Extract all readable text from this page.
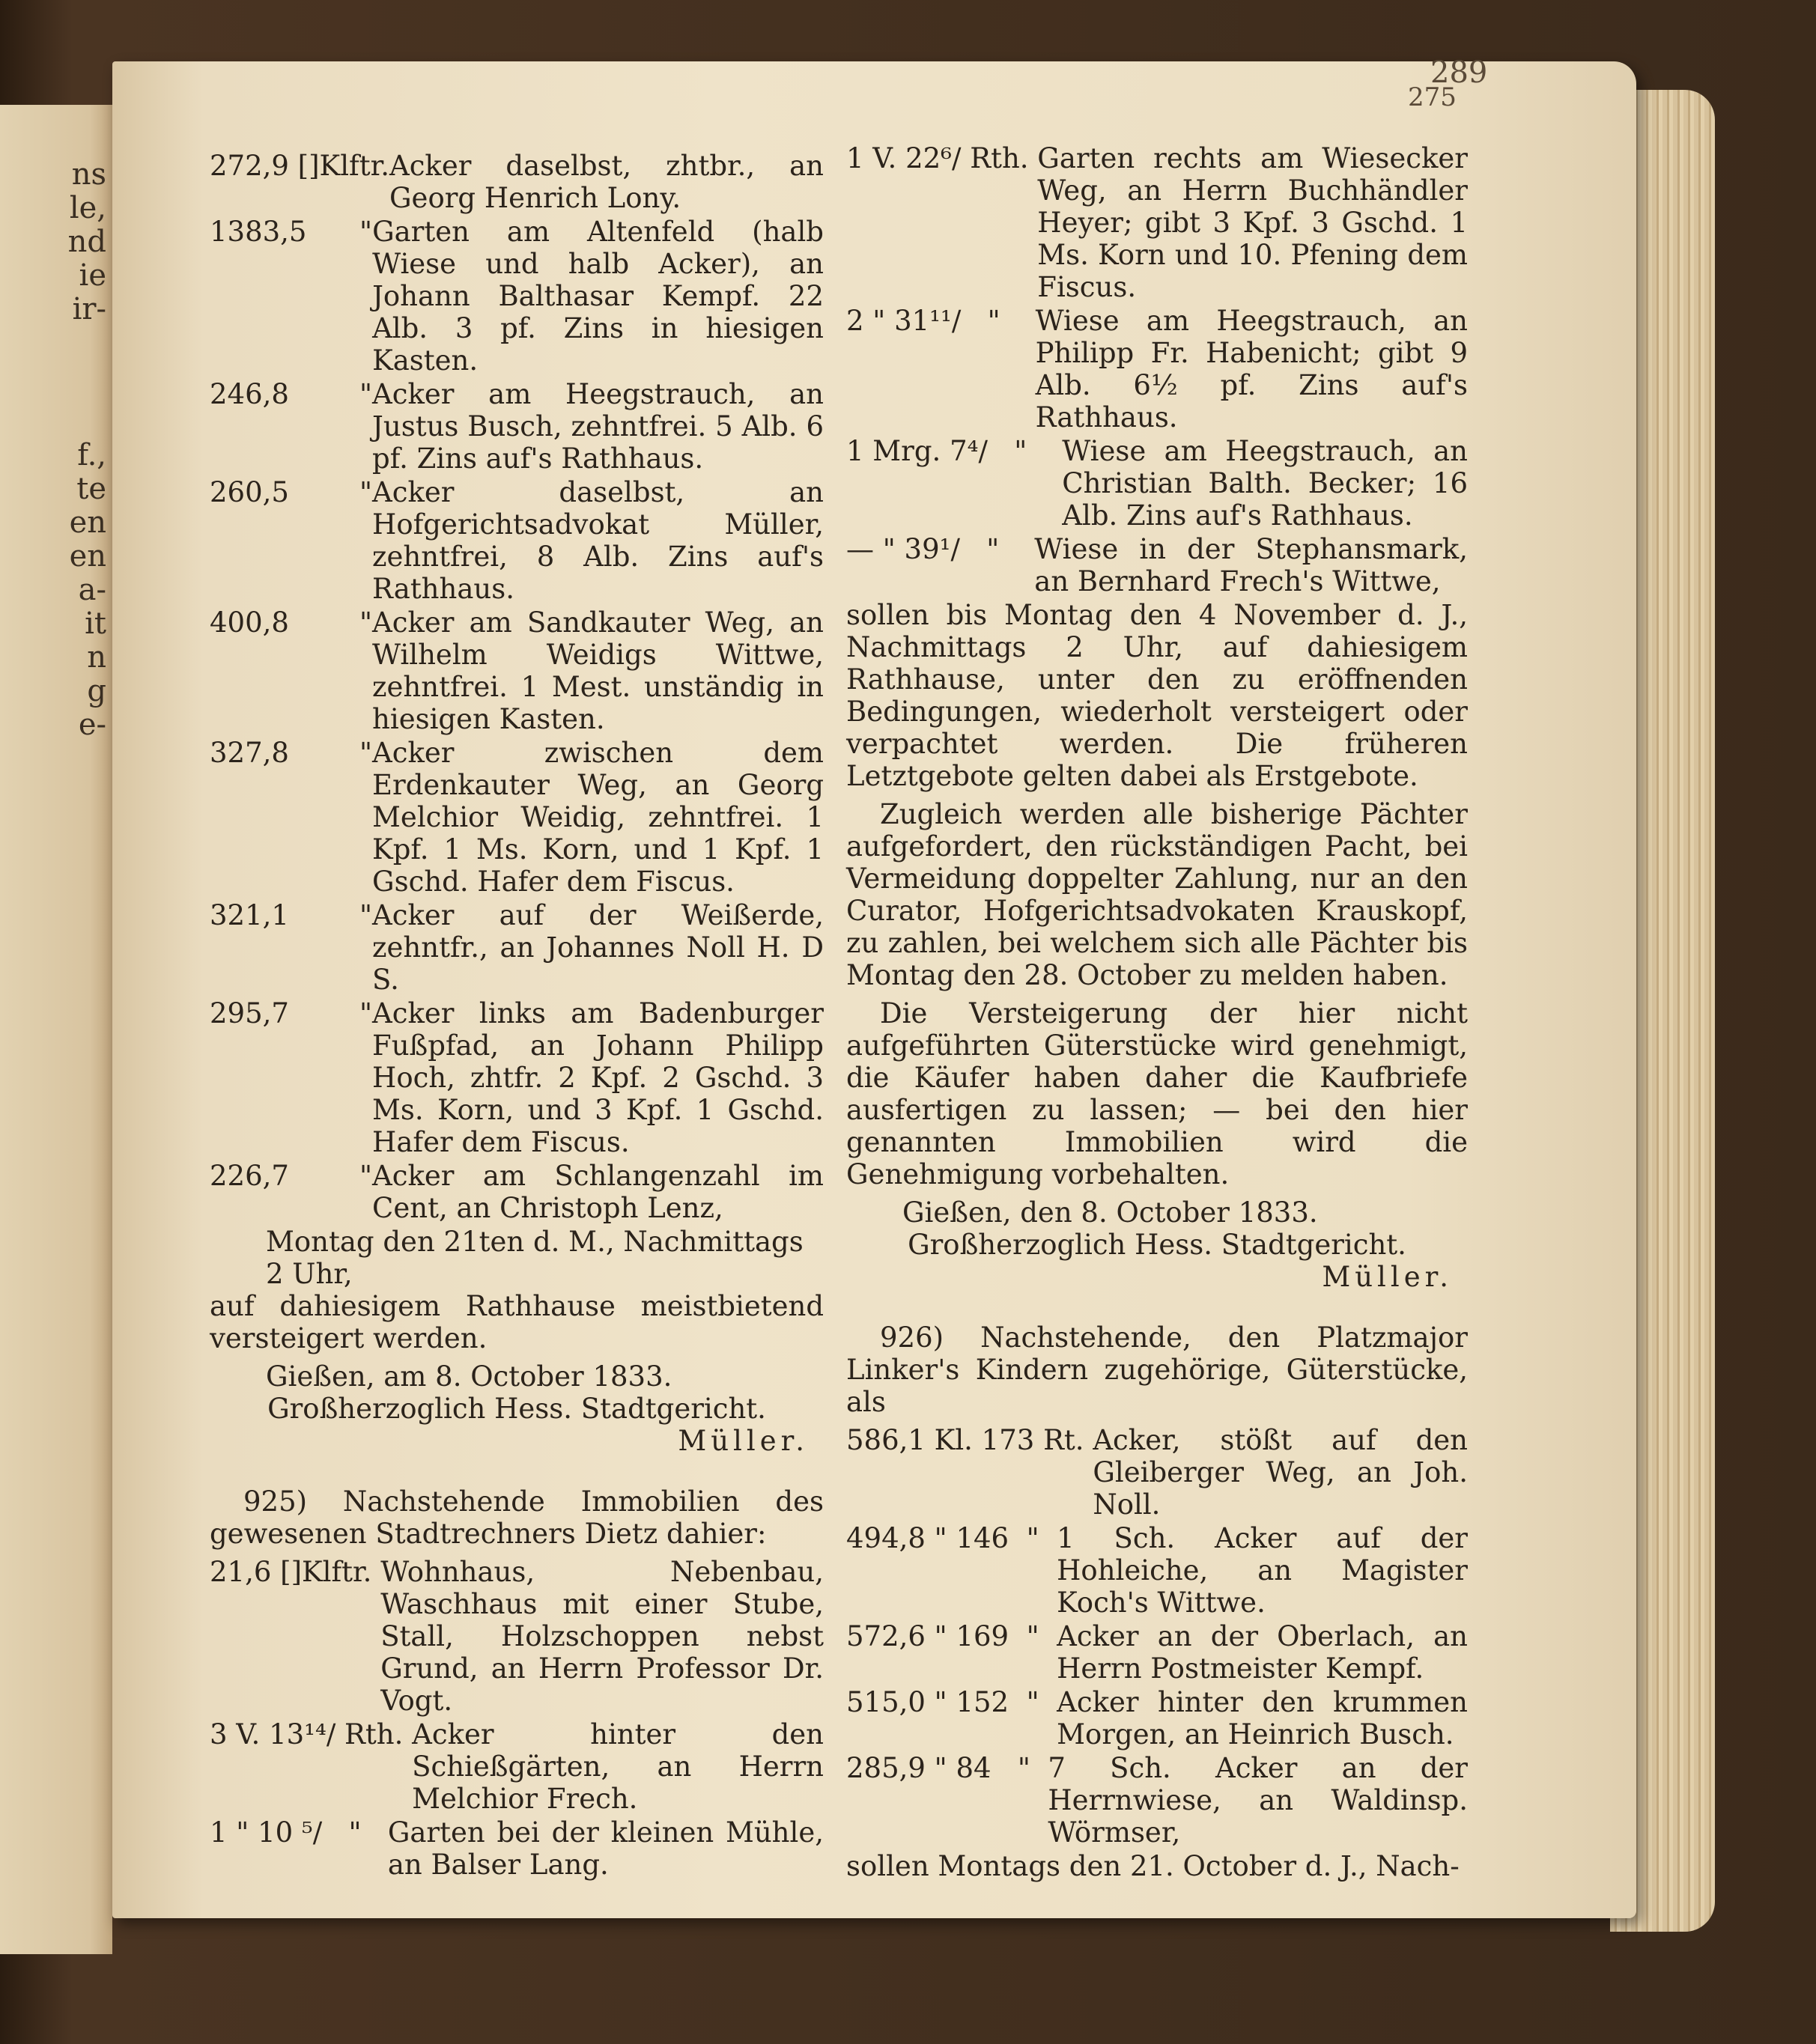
ns
le,
nd
ie
ir-
f.,
te
en
en
a-
it
n
g
e-
289
275
272,9 []Klftr. Acker daselbst, zhtbr., an Georg Henrich Lony.
1383,5      " Garten am Altenfeld (halb Wiese und halb Acker), an Johann Balthasar Kempf. 22 Alb. 3 pf. Zins in hiesigen Kasten.
246,8        " Acker am Heegstrauch, an Justus Busch, zehntfrei. 5 Alb. 6 pf. Zins auf's Rathhaus.
260,5        " Acker daselbst, an Hofgerichtsadvokat Müller, zehntfrei, 8 Alb. Zins auf's Rathhaus.
400,8        " Acker am Sandkauter Weg, an Wilhelm Weidigs Wittwe, zehntfrei. 1 Mest. unständig in hiesigen Kasten.
327,8        " Acker zwischen dem Erdenkauter Weg, an Georg Melchior Weidig, zehntfrei. 1 Kpf. 1 Ms. Korn, und 1 Kpf. 1 Gschd. Hafer dem Fiscus.
321,1        " Acker auf der Weißerde, zehntfr., an Johannes Noll H. D S.
295,7        " Acker links am Badenburger Fußpfad, an Johann Philipp Hoch, zhtfr. 2 Kpf. 2 Gschd. 3 Ms. Korn, und 3 Kpf. 1 Gschd. Hafer dem Fiscus.
226,7        " Acker am Schlangenzahl im Cent, an Christoph Lenz,
Montag den 21ten d. M., Nachmittags 2 Uhr,
auf dahiesigem Rathhause meistbietend versteigert werden.
Gießen, am 8. October 1833.
Großherzoglich Hess. Stadtgericht.
Müller.
925) Nachstehende Immobilien des gewesenen Stadtrechners Dietz dahier:
21,6 []Klftr. Wohnhaus, Nebenbau, Waschhaus mit einer Stube, Stall, Holzschoppen nebst Grund, an Herrn Professor Dr. Vogt.
3 V. 13¹⁴/ Rth. Acker hinter den Schießgärten, an Herrn Melchior Frech.
1 " 10 ⁵/   " Garten bei der kleinen Mühle, an Balser Lang.
1 V. 22⁶/ Rth. Garten rechts am Wiesecker Weg, an Herrn Buchhändler Heyer; gibt 3 Kpf. 3 Gschd. 1 Ms. Korn und 10. Pfening dem Fiscus.
2 " 31¹¹/   " Wiese am Heegstrauch, an Philipp Fr. Habenicht; gibt 9 Alb. 6½ pf. Zins auf's Rathhaus.
1 Mrg. 7⁴/   " Wiese am Heegstrauch, an Christian Balth. Becker; 16 Alb. Zins auf's Rathhaus.
— " 39¹/   " Wiese in der Stephansmark, an Bernhard Frech's Wittwe,
sollen bis Montag den 4 November d. J., Nachmittags 2 Uhr, auf dahiesigem Rathhause, unter den zu eröffnenden Bedingungen, wiederholt versteigert oder verpachtet werden. Die früheren Letztgebote gelten dabei als Erstgebote.
Zugleich werden alle bisherige Pächter aufgefordert, den rückständigen Pacht, bei Vermeidung doppelter Zahlung, nur an den Curator, Hofgerichtsadvokaten Krauskopf, zu zahlen, bei welchem sich alle Pächter bis Montag den 28. October zu melden haben.
Die Versteigerung der hier nicht aufgeführten Güterstücke wird genehmigt, die Käufer haben daher die Kaufbriefe ausfertigen zu lassen; — bei den hier genannten Immobilien wird die Genehmigung vorbehalten.
Gießen, den 8. October 1833.
Großherzoglich Hess. Stadtgericht.
Müller.
926) Nachstehende, den Platzmajor Linker's Kindern zugehörige, Güterstücke, als
586,1 Kl. 173 Rt. Acker, stößt auf den Gleiberger Weg, an Joh. Noll.
494,8 " 146  " 1 Sch. Acker auf der Hohleiche, an Magister Koch's Wittwe.
572,6 " 169  " Acker an der Oberlach, an Herrn Postmeister Kempf.
515,0 " 152  " Acker hinter den krummen Morgen, an Heinrich Busch.
285,9 " 84   " 7 Sch. Acker an der Herrnwiese, an Waldinsp. Wörmser,
sollen Montags den 21. October d. J., Nach-
